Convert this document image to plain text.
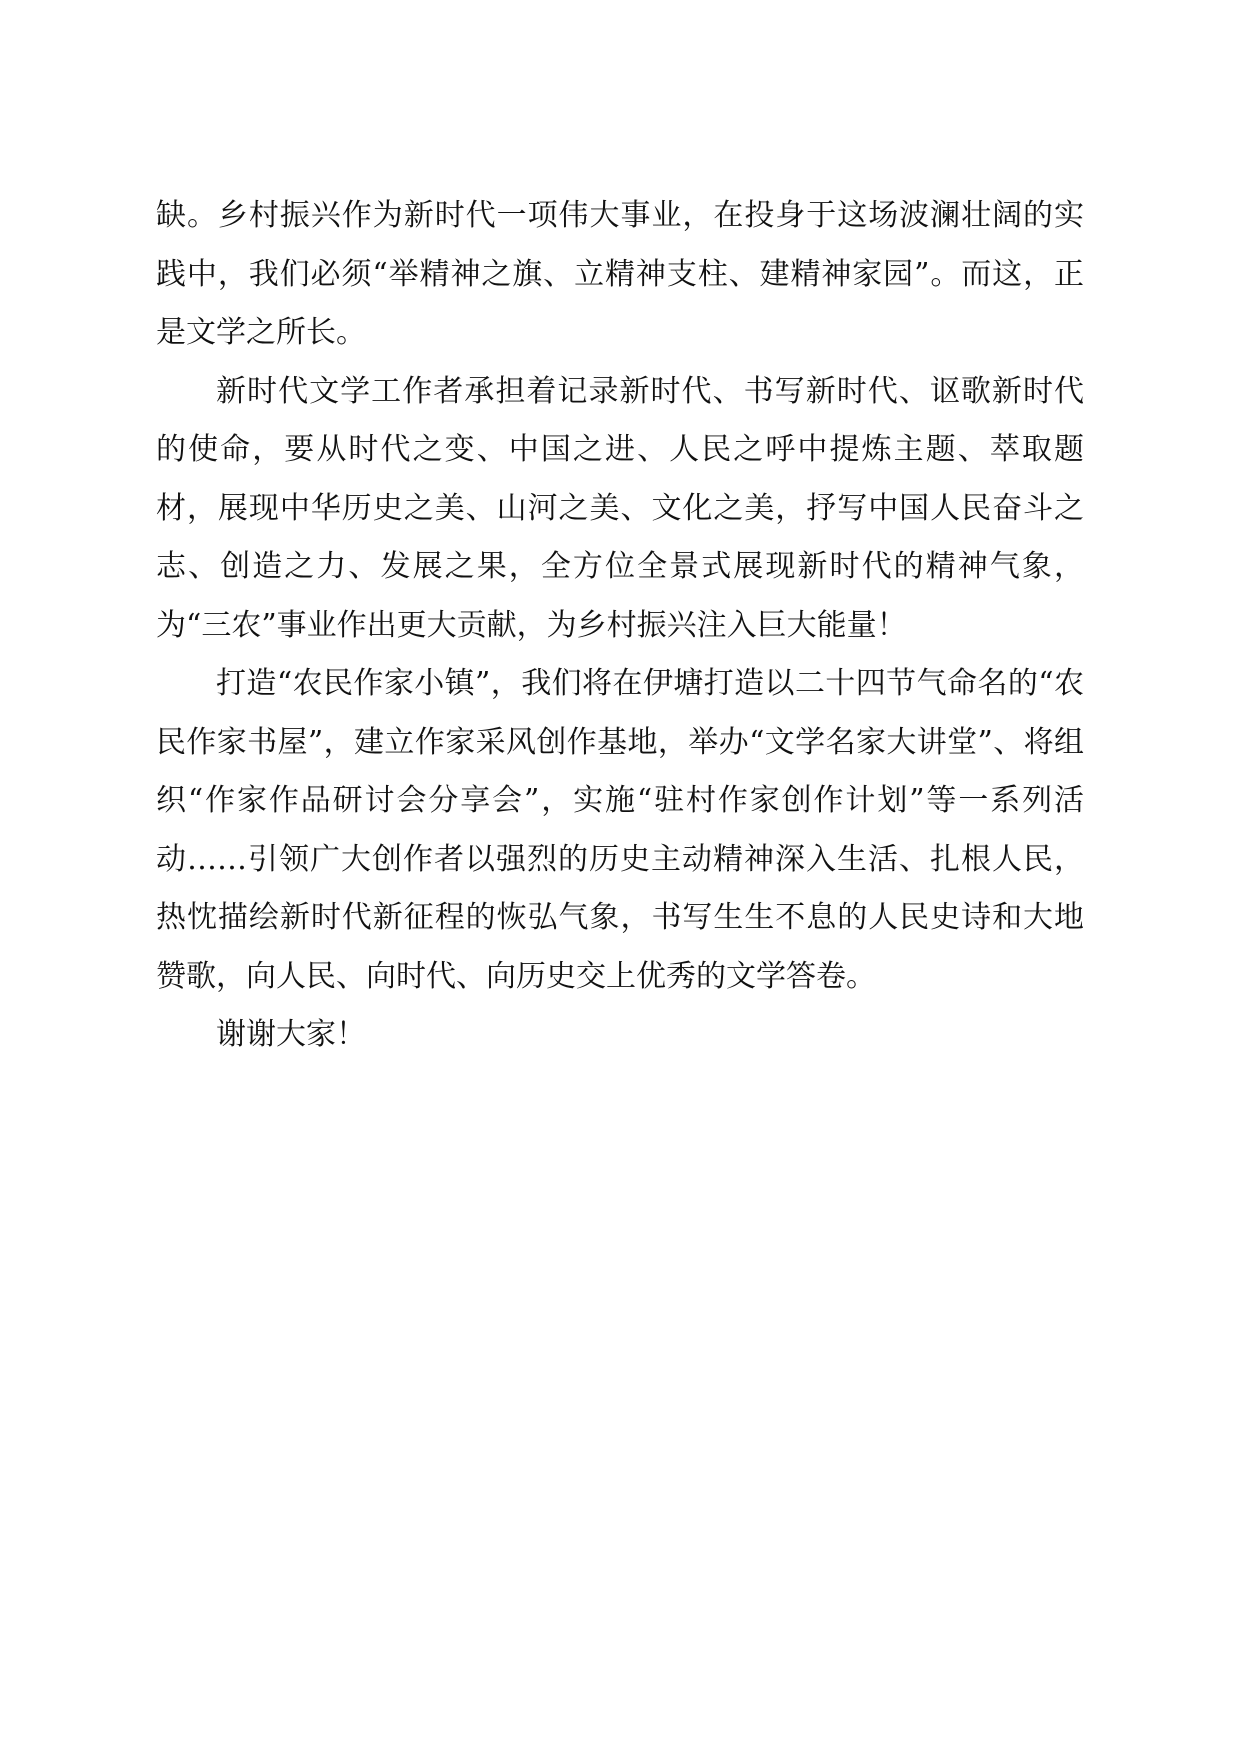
缺。乡村振兴作为新时代一项伟大事业，在投身于这场波澜壮阔的实践中，我们必须“举精神之旗、立精神支柱、建精神家园”。而这，正是文学之所长。

新时代文学工作者承担着记录新时代、书写新时代、讴歌新时代的使命，要从时代之变、中国之进、人民之呼中提炼主题、萃取题材，展现中华历史之美、山河之美、文化之美，抒写中国人民奋斗之志、创造之力、发展之果，全方位全景式展现新时代的精神气象，为“三农”事业作出更大贡献，为乡村振兴注入巨大能量！

打造“农民作家小镇”，我们将在伊塘打造以二十四节气命名的“农民作家书屋”，建立作家采风创作基地，举办“文学名家大讲堂”、将组织“作家作品研讨会分享会”，实施“驻村作家创作计划”等一系列活动……引领广大创作者以强烈的历史主动精神深入生活、扎根人民，热忱描绘新时代新征程的恢弘气象，书写生生不息的人民史诗和大地赞歌，向人民、向时代、向历史交上优秀的文学答卷。

谢谢大家！
